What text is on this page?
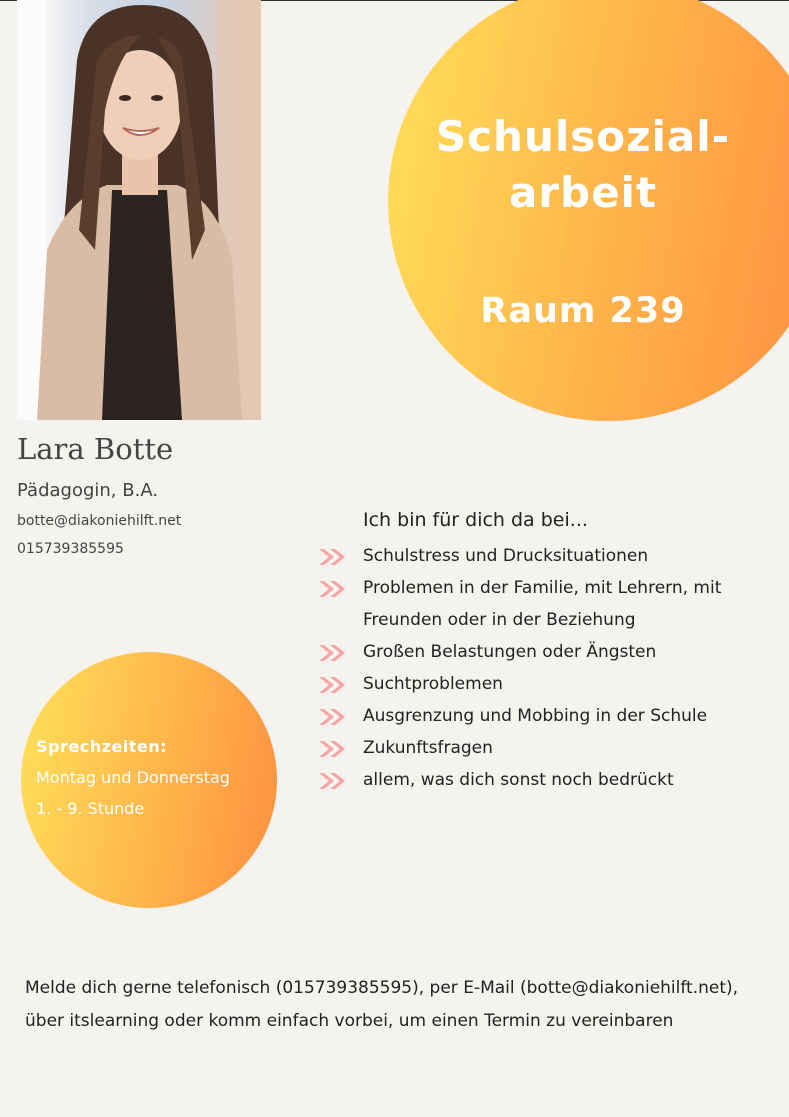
Schulsozial-
arbeit
Raum 239
Lara Botte
Pädagogin, B.A.
botte@diakoniehilft.net
015739385595
Ich bin für dich da bei...
Schulstress und Drucksituationen
Problemen in der Familie, mit Lehrern, mit Freunden oder in der Beziehung
Großen Belastungen oder Ängsten
Suchtproblemen
Ausgrenzung und Mobbing in der Schule
Zukunftsfragen
allem, was dich sonst noch bedrückt
Sprechzeiten:
Montag und Donnerstag
1. - 9. Stunde
Melde dich gerne telefonisch (015739385595), per E-Mail (botte@diakoniehilft.net), über itslearning oder komm einfach vorbei, um einen Termin zu vereinbaren
